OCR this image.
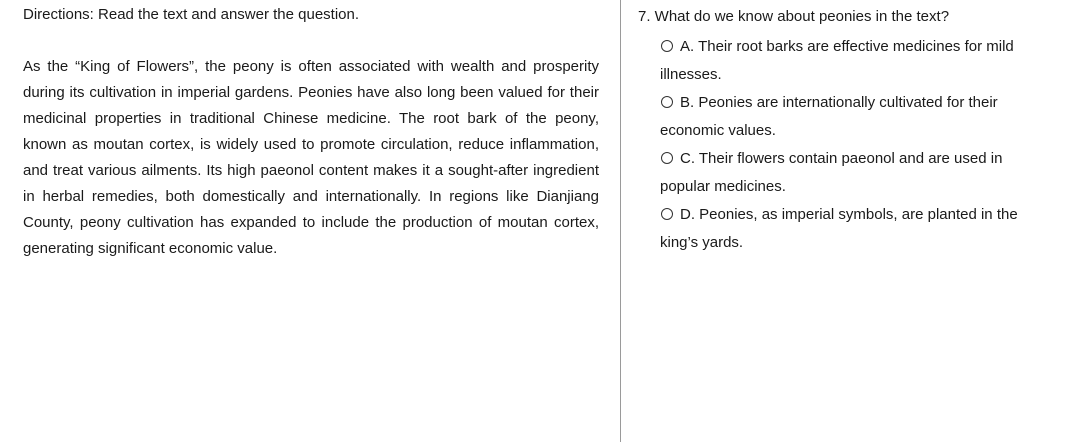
Directions: Read the text and answer the question.

As the “King of Flowers”, the peony is often associated with wealth and prosperity during its cultivation in imperial gardens. Peonies have also long been valued for their medicinal properties in traditional Chinese medicine. The root bark of the peony, known as moutan cortex, is widely used to promote circulation, reduce inflammation, and treat various ailments. Its high paeonol content makes it a sought-after ingredient in herbal remedies, both domestically and internationally. In regions like Dianjiang County, peony cultivation has expanded to include the production of moutan cortex, generating significant economic value.

7. What do we know about peonies in the text?
A. Their root barks are effective medicines for mild
illnesses.
B. Peonies are internationally cultivated for their
economic values.
C. Their flowers contain paeonol and are used in
popular medicines.
D. Peonies, as imperial symbols, are planted in the
king’s yards.
